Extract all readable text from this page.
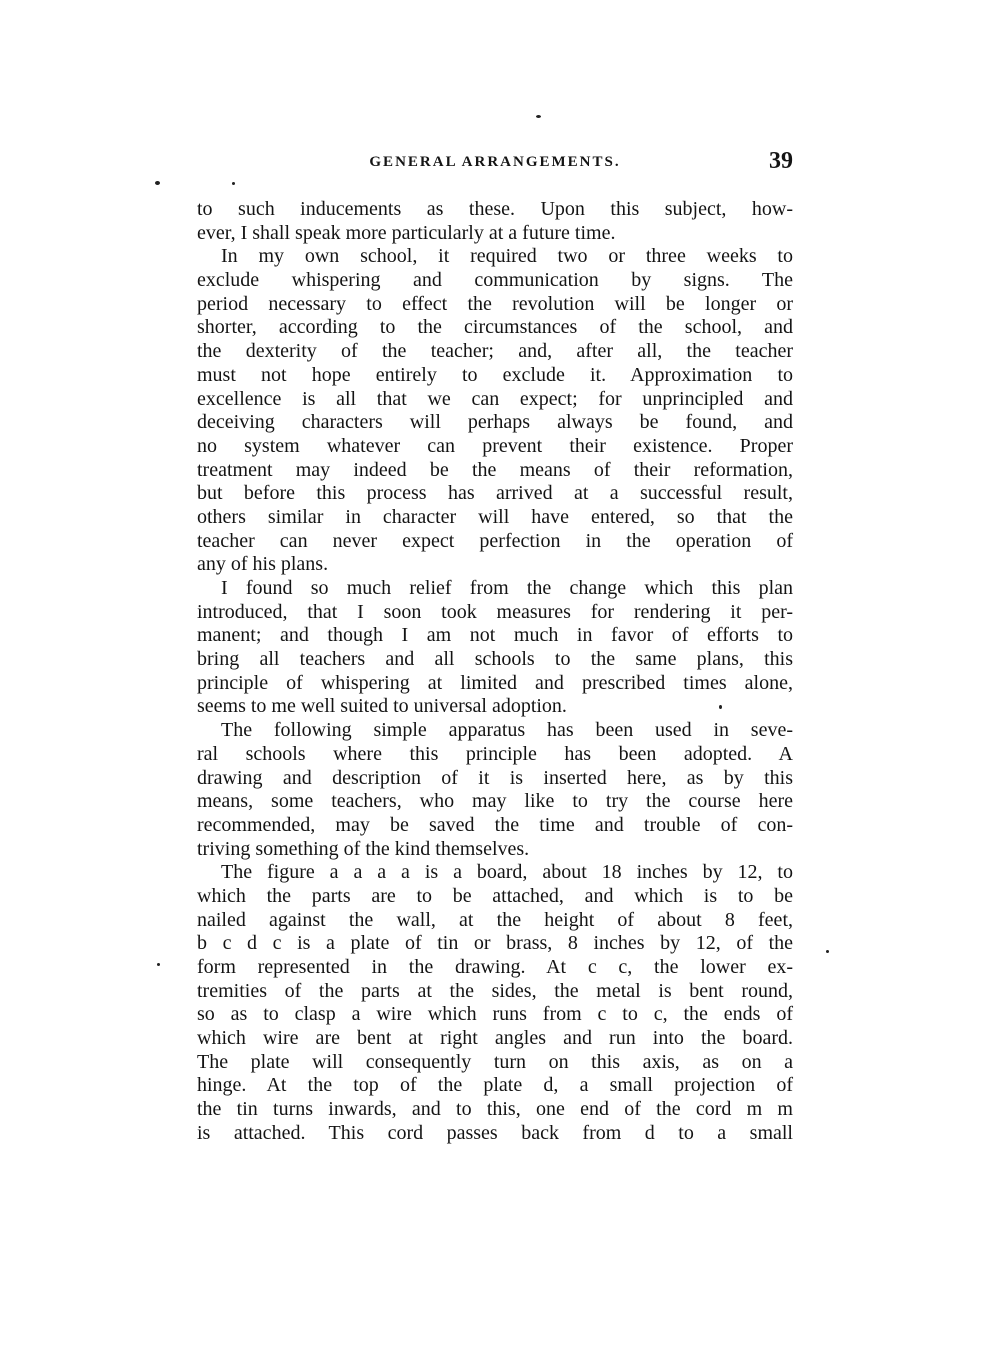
GENERAL ARRANGEMENTS.	39
to such inducements as these. Upon this subject, how-
ever, I shall speak more particularly at a future time.
In my own school, it required two or three weeks to
exclude whispering and communication by signs. The
period necessary to effect the revolution will be longer or
shorter, according to the circumstances of the school, and
the dexterity of the teacher; and, after all, the teacher
must not hope entirely to exclude it. Approximation to
excellence is all that we can expect; for unprincipled and
deceiving characters will perhaps always be found, and
no system whatever can prevent their existence. Proper
treatment may indeed be the means of their reformation,
but before this process has arrived at a successful result,
others similar in character will have entered, so that the
teacher can never expect perfection in the operation of
any of his plans.
I found so much relief from the change which this plan
introduced, that I soon took measures for rendering it per-
manent; and though I am not much in favor of efforts to
bring all teachers and all schools to the same plans, this
principle of whispering at limited and prescribed times alone,
seems to me well suited to universal adoption.
The following simple apparatus has been used in seve-
ral schools where this principle has been adopted. A
drawing and description of it is inserted here, as by this
means, some teachers, who may like to try the course here
recommended, may be saved the time and trouble of con-
triving something of the kind themselves.
The figure a a a a is a board, about 18 inches by 12, to
which the parts are to be attached, and which is to be
nailed against the wall, at the height of about 8 feet,
b c d c is a plate of tin or brass, 8 inches by 12, of the
form represented in the drawing. At c c, the lower ex-
tremities of the parts at the sides, the metal is bent round,
so as to clasp a wire which runs from c to c, the ends of
which wire are bent at right angles and run into the board.
The plate will consequently turn on this axis, as on a
hinge. At the top of the plate d, a small projection of
the tin turns inwards, and to this, one end of the cord m m
is attached. This cord passes back from d to a small
